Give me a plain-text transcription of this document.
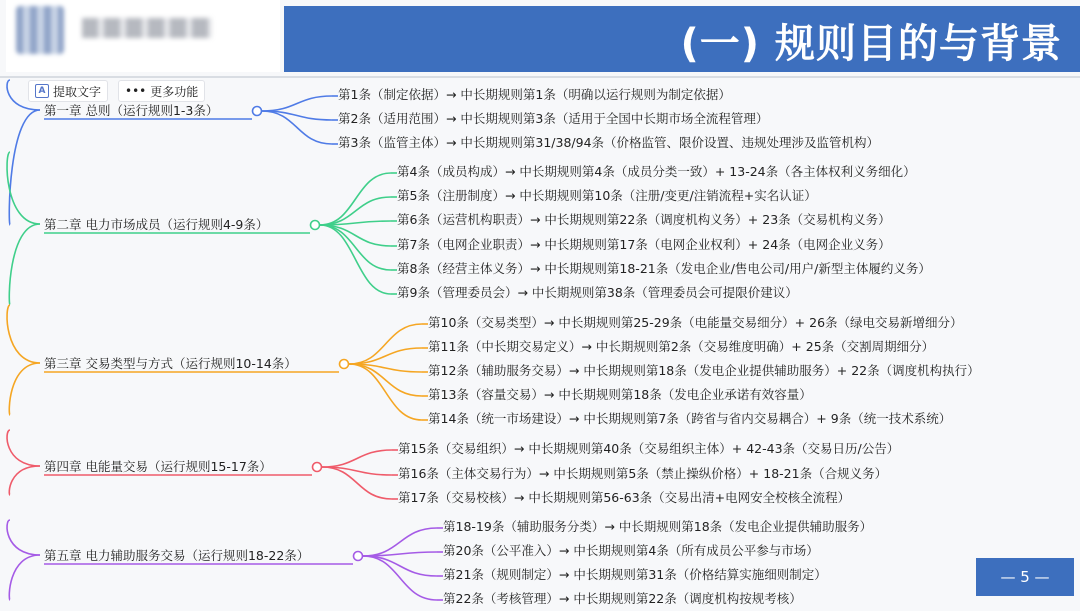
(一) 规则目的与背景
A 提取文字 ••• 更多功能
第一章 总则（运行规则1-3条）
第1条（制定依据）→ 中长期规则第1条（明确以运行规则为制定依据）
第2条（适用范围）→ 中长期规则第3条（适用于全国中长期市场全流程管理）
第3条（监管主体）→ 中长期规则第31/38/94条（价格监管、限价设置、违规处理涉及监管机构）
第二章 电力市场成员（运行规则4-9条）
第4条（成员构成）→ 中长期规则第4条（成员分类一致）+ 13-24条（各主体权利义务细化）
第5条（注册制度）→ 中长期规则第10条（注册/变更/注销流程+实名认证）
第6条（运营机构职责）→ 中长期规则第22条（调度机构义务）+ 23条（交易机构义务）
第7条（电网企业职责）→ 中长期规则第17条（电网企业权利）+ 24条（电网企业义务）
第8条（经营主体义务）→ 中长期规则第18-21条（发电企业/售电公司/用户/新型主体履约义务）
第9条（管理委员会）→ 中长期规则第38条（管理委员会可提限价建议）
第三章 交易类型与方式（运行规则10-14条）
第10条（交易类型）→ 中长期规则第25-29条（电能量交易细分）+ 26条（绿电交易新增细分）
第11条（中长期交易定义）→ 中长期规则第2条（交易维度明确）+ 25条（交割周期细分）
第12条（辅助服务交易）→ 中长期规则第18条（发电企业提供辅助服务）+ 22条（调度机构执行）
第13条（容量交易）→ 中长期规则第18条（发电企业承诺有效容量）
第14条（统一市场建设）→ 中长期规则第7条（跨省与省内交易耦合）+ 9条（统一技术系统）
第四章 电能量交易（运行规则15-17条）
第15条（交易组织）→ 中长期规则第40条（交易组织主体）+ 42-43条（交易日历/公告）
第16条（主体交易行为）→ 中长期规则第5条（禁止操纵价格）+ 18-21条（合规义务）
第17条（交易校核）→ 中长期规则第56-63条（交易出清+电网安全校核全流程）
第五章 电力辅助服务交易（运行规则18-22条）
第18-19条（辅助服务分类）→ 中长期规则第18条（发电企业提供辅助服务）
第20条（公平准入）→ 中长期规则第4条（所有成员公平参与市场）
第21条（规则制定）→ 中长期规则第31条（价格结算实施细则制定）
第22条（考核管理）→ 中长期规则第22条（调度机构按规考核）
— 5 —
